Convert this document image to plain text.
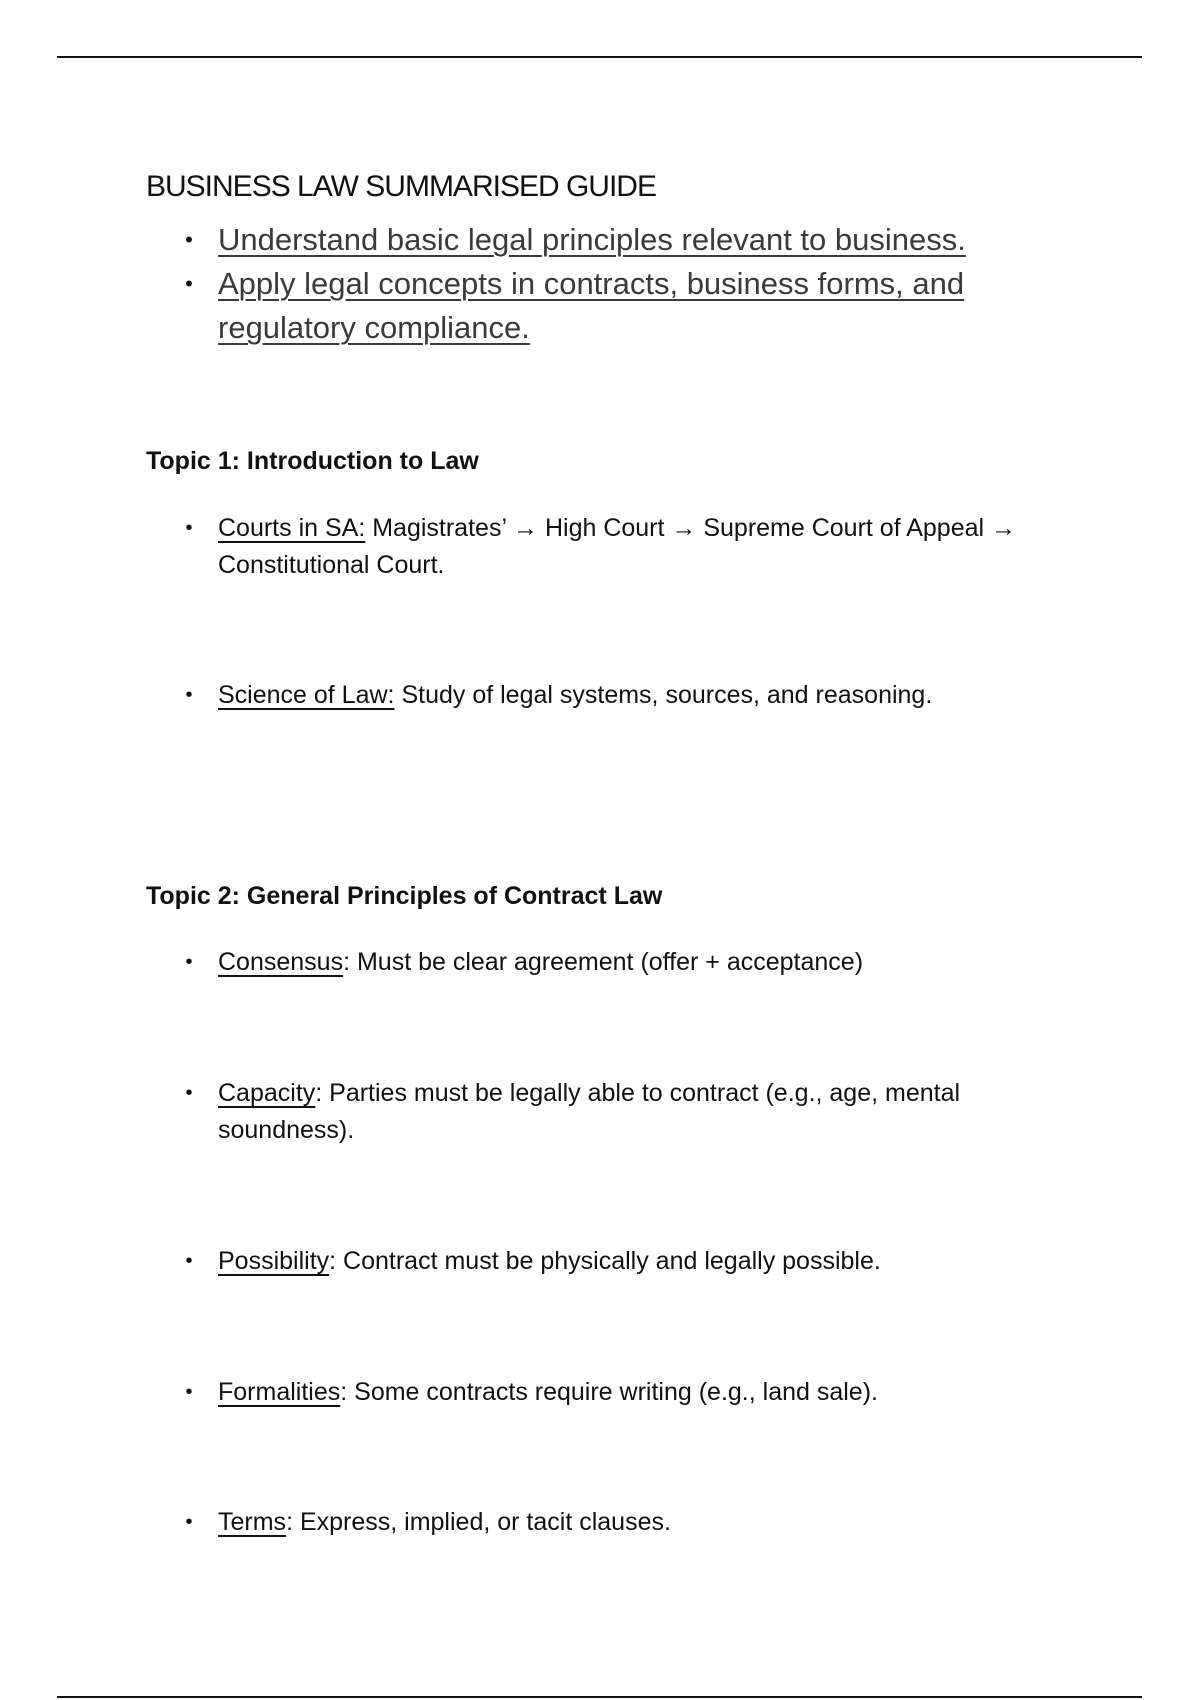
BUSINESS LAW SUMMARISED GUIDE
• Understand basic legal principles relevant to business.
• Apply legal concepts in contracts, business forms, and regulatory compliance.
Topic 1: Introduction to Law
• Courts in SA: Magistrates’ → High Court → Supreme Court of Appeal → Constitutional Court.
• Science of Law: Study of legal systems, sources, and reasoning.
Topic 2: General Principles of Contract Law
• Consensus: Must be clear agreement (offer + acceptance)
• Capacity: Parties must be legally able to contract (e.g., age, mental soundness).
• Possibility: Contract must be physically and legally possible.
• Formalities: Some contracts require writing (e.g., land sale).
• Terms: Express, implied, or tacit clauses.
